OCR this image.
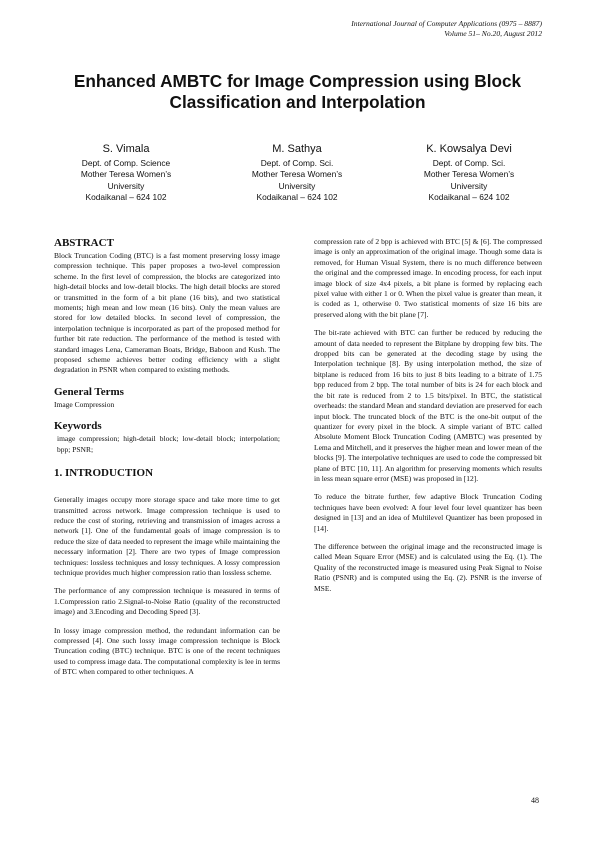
International Journal of Computer Applications (0975 – 8887)
Volume 51– No.20, August 2012
Enhanced AMBTC for Image Compression using Block Classification and Interpolation
S. Vimala
Dept. of Comp. Science
Mother Teresa Women’s University
Kodaikanal – 624 102
M. Sathya
Dept. of Comp. Sci.
Mother Teresa Women’s University
Kodaikanal – 624 102
K. Kowsalya Devi
Dept. of Comp. Sci.
Mother Teresa Women’s University
Kodaikanal – 624 102
ABSTRACT

Block Truncation Coding (BTC) is a fast moment preserving lossy image compression technique. This paper proposes a two-level compression scheme. In the first level of compression, the blocks are categorized into high-detail blocks and low-detail blocks. The high detail blocks are stored or transmitted in the form of a bit plane (16 bits), and two statistical moments; high mean and low mean (16 bits). Only the mean values are stored for low detailed blocks. In second level of compression, the interpolation technique is incorporated as part of the proposed method for further bit rate reduction. The performance of the method is tested with standard images Lena, Cameraman Boats, Bridge, Baboon and Kush. The proposed scheme achieves better coding efficiency with a slight degradation in PSNR when compared to existing methods.

General Terms

Image Compression

Keywords

image compression; high-detail block; low-detail block; interpolation; bpp; PSNR;

1. INTRODUCTION

Generally images occupy more storage space and take more time to get transmitted across network. Image compression technique is used to reduce the cost of storing, retrieving and transmission of images across a network [1]. One of the fundamental goals of image compression is to reduce the size of data needed to represent the image while maintaining the necessary information [2]. There are two types of Image compression techniques: lossless techniques and lossy techniques. A lossy compression technique provides much higher compression ratio than lossless scheme.

The performance of any compression technique is measured in terms of 1.Compression ratio 2.Signal-to-Noise Ratio (quality of the reconstructed image) and 3.Encoding and Decoding Speed [3].

In lossy image compression method, the redundant information can be compressed [4]. One such lossy image compression technique is Block Truncation coding (BTC) technique. BTC is one of the recent techniques used to compress image data. The computational complexity is lee in terms of BTC when compared to other techniques. A

compression rate of 2 bpp is achieved with BTC [5] & [6]. The compressed image is only an approximation of the original image. Though some data is removed, for Human Visual System, there is no much difference between the original and the compressed image. In encoding process, for each input image block of size 4x4 pixels, a bit plane is formed by replacing each pixel value with either 1 or 0. When the pixel value is greater than mean, it is coded as 1, otherwise 0. Two statistical moments of size 16 bits are preserved along with the bit plane [7].

The bit-rate achieved with BTC can further be reduced by reducing the amount of data needed to represent the Bitplane by dropping few bits. The dropped bits can be generated at the decoding stage by using the Interpolation technique [8]. By using interpolation method, the size of bitplane is reduced from 16 bits to just 8 bits leading to a bitrate of 1.75 bpp reduced from 2 bpp. The total number of bits is 24 for each block and the bit rate is reduced from 2 to 1.5 bits/pixel. In BTC, the statistical overheads: the standard Mean and standard deviation are preserved for each input block. The truncated block of the BTC is the one-bit output of the quantizer for every pixel in the block. A simple variant of BTC called Absolute Moment Block Truncation Coding (AMBTC) was presented by Lema and Mitchell, and it preserves the higher mean and lower mean of the blocks [9]. The interpolative techniques are used to code the compressed bit plane of BTC [10, 11]. An algorithm for preserving moments which results in less mean square error (MSE) was proposed in [12].

To reduce the bitrate further, few adaptive Block Truncation Coding techniques have been evolved: A four level four level quantizer has been designed in [13] and an idea of Multilevel Quantizer has been proposed in [14].

The difference between the original image and the reconstructed image is called Mean Square Error (MSE) and is calculated using the Eq. (1). The Quality of the reconstructed image is measured using Peak Signal to Noise Ratio (PSNR) and is computed using the Eq. (2). PSNR is the inverse of MSE.

48
